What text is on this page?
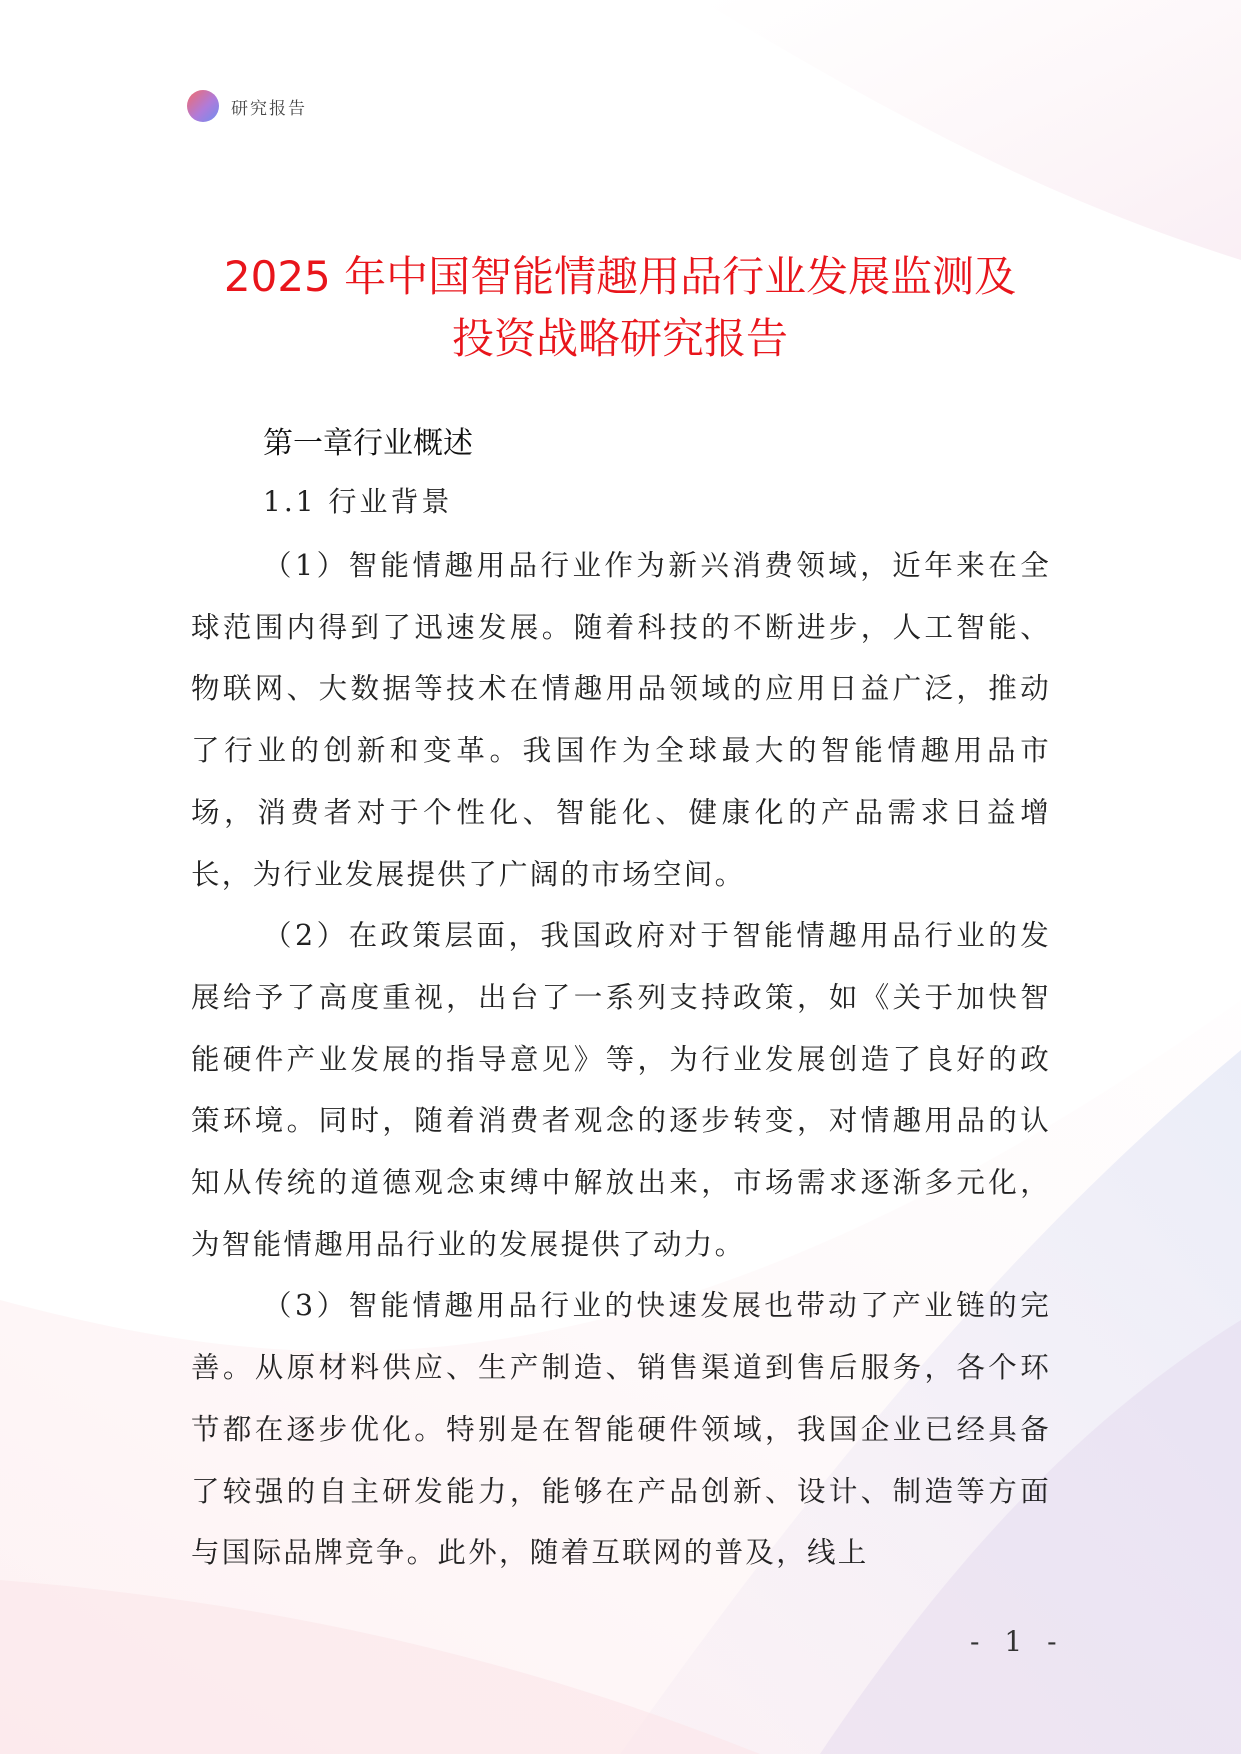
研究报告
2025 年中国智能情趣用品行业发展监测及
投资战略研究报告
第一章行业概述
1.1 行业背景

（1）智能情趣用品行业作为新兴消费领域，近年来在全球范围内得到了迅速发展。随着科技的不断进步，人工智能、物联网、大数据等技术在情趣用品领域的应用日益广泛，推动了行业的创新和变革。我国作为全球最大的智能情趣用品市场，消费者对于个性化、智能化、健康化的产品需求日益增长，为行业发展提供了广阔的市场空间。

（2）在政策层面，我国政府对于智能情趣用品行业的发展给予了高度重视，出台了一系列支持政策，如《关于加快智能硬件产业发展的指导意见》等，为行业发展创造了良好的政策环境。同时，随着消费者观念的逐步转变，对情趣用品的认知从传统的道德观念束缚中解放出来，市场需求逐渐多元化，为智能情趣用品行业的发展提供了动力。

（3）智能情趣用品行业的快速发展也带动了产业链的完善。从原材料供应、生产制造、销售渠道到售后服务，各个环节都在逐步优化。特别是在智能硬件领域，我国企业已经具备了较强的自主研发能力，能够在产品创新、设计、制造等方面与国际品牌竞争。此外，随着互联网的普及，线上

- 1 -
